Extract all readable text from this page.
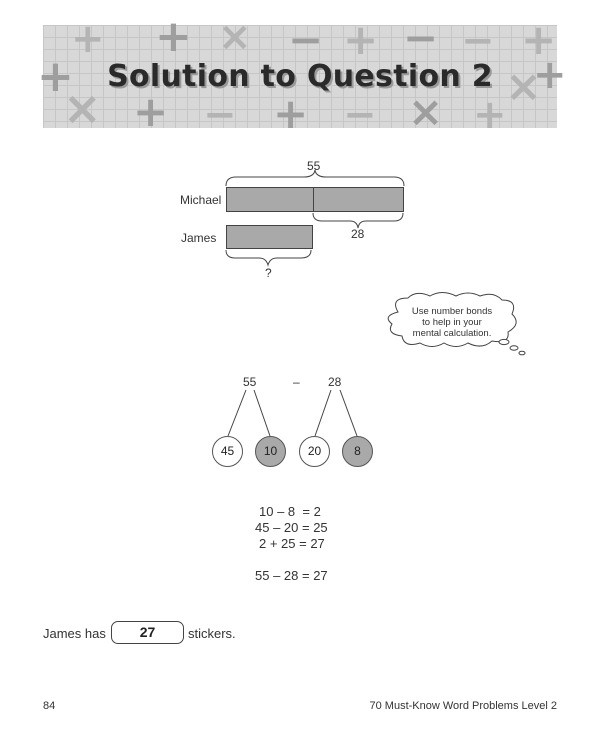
+ + × − + − − +
+	×
+
× + − + − × +
Solution to Question 2
55
Michael
28
James
?
Use number bonds
to help in your
mental calculation.
55	– 28
45	10	20	8
10 – 8  = 2
45 – 20 = 25
2 + 25 = 27
55 – 28 = 27
James has	27	stickers.
84	70 Must-Know Word Problems Level 2
